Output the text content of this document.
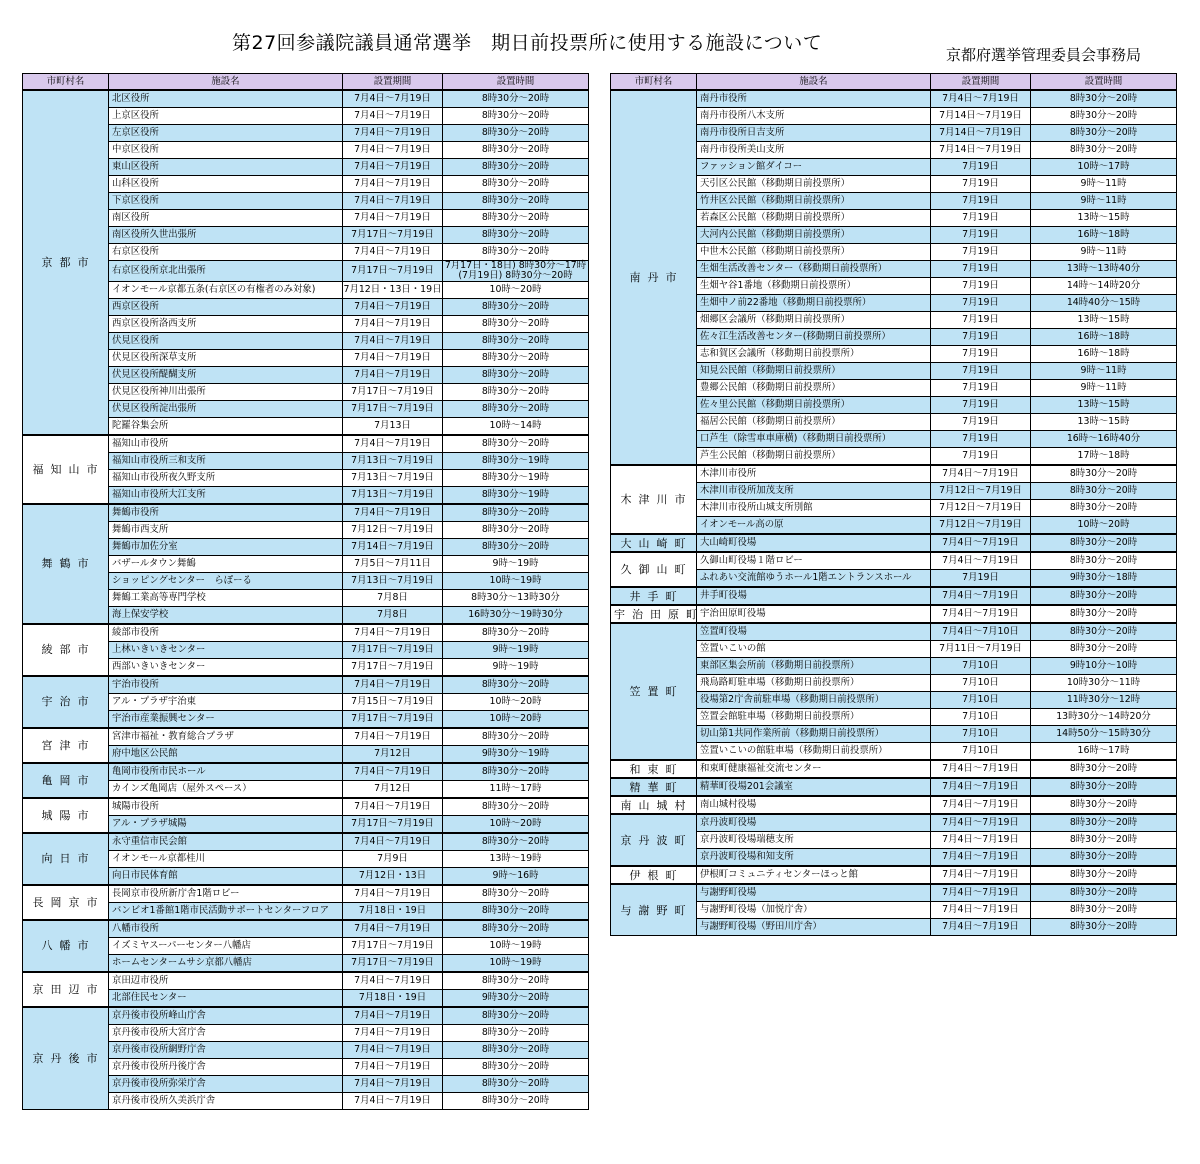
第27回参議院議員通常選挙　期日前投票所に使用する施設について
京都府選挙管理委員会事務局
市町村名	施設名	設置期間	設置時間
京 都 市	北区役所	7月4日～7月19日	8時30分～20時
	上京区役所	7月4日～7月19日	8時30分～20時
	左京区役所	7月4日～7月19日	8時30分～20時
	中京区役所	7月4日～7月19日	8時30分～20時
	東山区役所	7月4日～7月19日	8時30分～20時
	山科区役所	7月4日～7月19日	8時30分～20時
	下京区役所	7月4日～7月19日	8時30分～20時
	南区役所	7月4日～7月19日	8時30分～20時
	南区役所久世出張所	7月17日～7月19日	8時30分～20時
	右京区役所	7月4日～7月19日	8時30分～20時
	右京区役所京北出張所	7月17日～7月19日	7月17日・18日) 8時30分～17時
(7月19日) 8時30分～20時
	イオンモール京都五条(右京区の有権者のみ対象)	7月12日・13日・19日	10時～20時
	西京区役所	7月4日～7月19日	8時30分～20時
	西京区役所洛西支所	7月4日～7月19日	8時30分～20時
	伏見区役所	7月4日～7月19日	8時30分～20時
	伏見区役所深草支所	7月4日～7月19日	8時30分～20時
	伏見区役所醍醐支所	7月4日～7月19日	8時30分～20時
	伏見区役所神川出張所	7月17日～7月19日	8時30分～20時
	伏見区役所淀出張所	7月17日～7月19日	8時30分～20時
	陀羅谷集会所	7月13日	10時～14時
福 知 山 市	福知山市役所	7月4日～7月19日	8時30分～20時
	福知山市役所三和支所	7月13日～7月19日	8時30分～19時
	福知山市役所夜久野支所	7月13日～7月19日	8時30分～19時
	福知山市役所大江支所	7月13日～7月19日	8時30分～19時
舞 鶴 市	舞鶴市役所	7月4日～7月19日	8時30分～20時
	舞鶴市西支所	7月12日～7月19日	8時30分～20時
	舞鶴市加佐分室	7月14日～7月19日	8時30分～20時
	バザールタウン舞鶴	7月5日～7月11日	9時～19時
	ショッピングセンター　らぽーる	7月13日～7月19日	10時～19時
	舞鶴工業高等専門学校	7月8日	8時30分～13時30分
	海上保安学校	7月8日	16時30分～19時30分
綾 部 市	綾部市役所	7月4日～7月19日	8時30分～20時
	上林いきいきセンター	7月17日～7月19日	9時～19時
	西部いきいきセンター	7月17日～7月19日	9時～19時
宇 治 市	宇治市役所	7月4日～7月19日	8時30分～20時
	アル・プラザ宇治東	7月15日～7月19日	10時～20時
	宇治市産業振興センター	7月17日～7月19日	10時～20時
宮 津 市	宮津市福祉・教育総合プラザ	7月4日～7月19日	8時30分～20時
	府中地区公民館	7月12日	9時30分～19時
亀 岡 市	亀岡市役所市民ホール	7月4日～7月19日	8時30分～20時
	カインズ亀岡店（屋外スペース）	7月12日	11時～17時
城 陽 市	城陽市役所	7月4日～7月19日	8時30分～20時
	アル・プラザ城陽	7月17日～7月19日	10時～20時
向 日 市	永守重信市民会館	7月4日～7月19日	8時30分～20時
	イオンモール京都桂川	7月9日	13時～19時
	向日市民体育館	7月12日・13日	9時～16時
長 岡 京 市	長岡京市役所新庁舎1階ロビー	7月4日～7月19日	8時30分～20時
	バンビオ1番館1階市民活動サポートセンターフロア	7月18日・19日	8時30分～20時
八 幡 市	八幡市役所	7月4日～7月19日	8時30分～20時
	イズミヤスーパーセンター八幡店	7月17日～7月19日	10時～19時
	ホームセンタームサシ京都八幡店	7月17日～7月19日	10時～19時
京 田 辺 市	京田辺市役所	7月4日～7月19日	8時30分～20時
	北部住民センター	7月18日・19日	9時30分～20時
京 丹 後 市	京丹後市役所峰山庁舎	7月4日～7月19日	8時30分～20時
	京丹後市役所大宮庁舎	7月4日～7月19日	8時30分～20時
	京丹後市役所網野庁舎	7月4日～7月19日	8時30分～20時
	京丹後市役所丹後庁舎	7月4日～7月19日	8時30分～20時
	京丹後市役所弥栄庁舎	7月4日～7月19日	8時30分～20時
	京丹後市役所久美浜庁舎	7月4日～7月19日	8時30分～20時
市町村名	施設名	設置期間	設置時間
南 丹 市	南丹市役所	7月4日～7月19日	8時30分～20時
	南丹市役所八木支所	7月14日～7月19日	8時30分～20時
	南丹市役所日吉支所	7月14日～7月19日	8時30分～20時
	南丹市役所美山支所	7月14日～7月19日	8時30分～20時
	ファッション館ダイコー	7月19日	10時～17時
	天引区公民館（移動期日前投票所）	7月19日	9時～11時
	竹井区公民館（移動期日前投票所）	7月19日	9時～11時
	若森区公民館（移動期日前投票所）	7月19日	13時～15時
	大河内公民館（移動期日前投票所）	7月19日	16時～18時
	中世木公民館（移動期日前投票所）	7月19日	9時～11時
	生畑生活改善センター（移動期日前投票所）	7月19日	13時～13時40分
	生畑ヤ谷1番地（移動期日前投票所）	7月19日	14時～14時20分
	生畑中ノ前22番地（移動期日前投票所）	7月19日	14時40分～15時
	畑郷区会議所（移動期日前投票所）	7月19日	13時～15時
	佐々江生活改善センター(移動期日前投票所）	7月19日	16時～18時
	志和賀区会議所（移動期日前投票所）	7月19日	16時～18時
	知見公民館（移動期日前投票所）	7月19日	9時～11時
	豊郷公民館（移動期日前投票所）	7月19日	9時～11時
	佐々里公民館（移動期日前投票所）	7月19日	13時～15時
	福居公民館（移動期日前投票所）	7月19日	13時～15時
	口芦生（除雪車車庫横)（移動期日前投票所）	7月19日	16時～16時40分
	芦生公民館（移動期日前投票所）	7月19日	17時～18時
木 津 川 市	木津川市役所	7月4日～7月19日	8時30分～20時
	木津川市役所加茂支所	7月12日～7月19日	8時30分～20時
	木津川市役所山城支所別館	7月12日～7月19日	8時30分～20時
	イオンモール高の原	7月12日～7月19日	10時～20時
大 山 崎 町	大山崎町役場	7月4日～7月19日	8時30分～20時
久 御 山 町	久御山町役場１階ロビー	7月4日～7月19日	8時30分～20時
	ふれあい交流館ゆうホール1階エントランスホール	7月19日	9時30分～18時
井 手 町	井手町役場	7月4日～7月19日	8時30分～20時
宇 治 田 原 町	宇治田原町役場	7月4日～7月19日	8時30分～20時
笠 置 町	笠置町役場	7月4日～7月10日	8時30分～20時
	笠置いこいの館	7月11日～7月19日	8時30分～20時
	東部区集会所前（移動期日前投票所）	7月10日	9時10分～10時
	飛鳥路町駐車場（移動期日前投票所）	7月10日	10時30分～11時
	役場第2庁舎前駐車場（移動期日前投票所）	7月10日	11時30分～12時
	笠置会館駐車場（移動期日前投票所）	7月10日	13時30分～14時20分
	切山第1共同作業所前（移動期日前投票所）	7月10日	14時50分～15時30分
	笠置いこいの館駐車場（移動期日前投票所）	7月10日	16時～17時
和 束 町	和束町健康福祉交流センター	7月4日～7月19日	8時30分～20時
精 華 町	精華町役場201会議室	7月4日～7月19日	8時30分～20時
南 山 城 村	南山城村役場	7月4日～7月19日	8時30分～20時
京 丹 波 町	京丹波町役場	7月4日～7月19日	8時30分～20時
	京丹波町役場瑞穂支所	7月4日～7月19日	8時30分～20時
	京丹波町役場和知支所	7月4日～7月19日	8時30分～20時
伊 根 町	伊根町コミュニティセンターほっと館	7月4日～7月19日	8時30分～20時
与 謝 野 町	与謝野町役場	7月4日～7月19日	8時30分～20時
	与謝野町役場（加悦庁舎）	7月4日～7月19日	8時30分～20時
	与謝野町役場（野田川庁舎）	7月4日～7月19日	8時30分～20時
